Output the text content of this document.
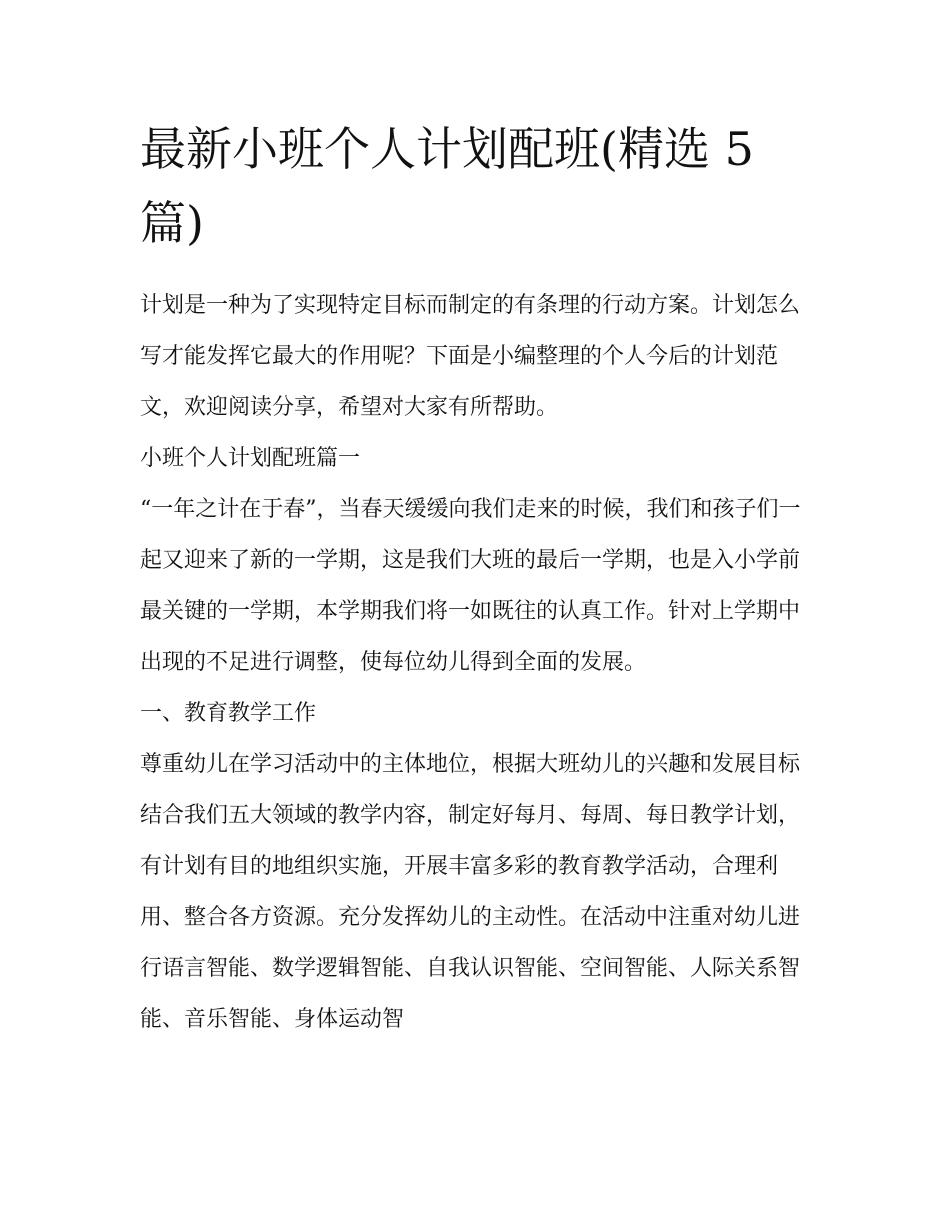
最新小班个人计划配班(精选 5 篇)

计划是一种为了实现特定目标而制定的有条理的行动方案。计划怎么写才能发挥它最大的作用呢？下面是小编整理的个人今后的计划范文，欢迎阅读分享，希望对大家有所帮助。

小班个人计划配班篇一

“一年之计在于春”，当春天缓缓向我们走来的时候，我们和孩子们一起又迎来了新的一学期，这是我们大班的最后一学期，也是入小学前最关键的一学期，本学期我们将一如既往的认真工作。针对上学期中出现的不足进行调整，使每位幼儿得到全面的发展。

一、教育教学工作

尊重幼儿在学习活动中的主体地位，根据大班幼儿的兴趣和发展目标结合我们五大领域的教学内容，制定好每月、每周、每日教学计划，有计划有目的地组织实施，开展丰富多彩的教育教学活动，合理利用、整合各方资源。充分发挥幼儿的主动性。在活动中注重对幼儿进行语言智能、数学逻辑智能、自我认识智能、空间智能、人际关系智能、音乐智能、身体运动智
